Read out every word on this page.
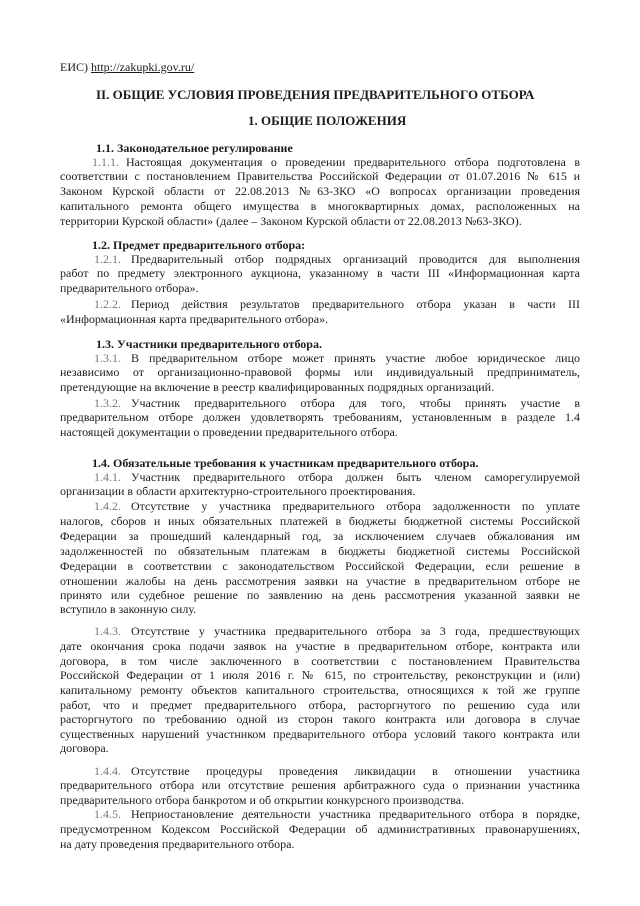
ЕИС) http://zakupki.gov.ru/
II. ОБЩИЕ УСЛОВИЯ ПРОВЕДЕНИЯ ПРЕДВАРИТЕЛЬНОГО ОТБОРА
1. ОБЩИЕ ПОЛОЖЕНИЯ
1.1. Законодательное регулирование
1.1.1. Настоящая документация о проведении предварительного отбора подготовлена в
соответствии с постановлением Правительства Российской Федерации от 01.07.2016 № 615 и
Законом Курской области от 22.08.2013 №63-ЗКО «О вопросах организации проведения
капитального ремонта общего имущества в многоквартирных домах, расположенных на
территории Курской области» (далее – Законом Курской области от 22.08.2013 №63-ЗКО).
1.2. Предмет предварительного отбора:
1.2.1. Предварительный отбор подрядных организаций проводится для выполнения
работ по предмету электронного аукциона, указанному в части III «Информационная карта
предварительного отбора».
1.2.2. Период действия результатов предварительного отбора указан в части III
«Информационная карта предварительного отбора».
1.3. Участники предварительного отбора.
1.3.1. В предварительном отборе может принять участие любое юридическое лицо
независимо от организационно-правовой формы или индивидуальный предприниматель,
претендующие на включение в реестр квалифицированных подрядных организаций.
1.3.2. Участник предварительного отбора для того, чтобы принять участие в
предварительном отборе должен удовлетворять требованиям, установленным в разделе 1.4
настоящей документации о проведении предварительного отбора.
1.4. Обязательные требования к участникам предварительного отбора.
1.4.1. Участник предварительного отбора должен быть членом саморегулируемой
организации в области архитектурно-строительного проектирования.
1.4.2. Отсутствие у участника предварительного отбора задолженности по уплате
налогов, сборов и иных обязательных платежей в бюджеты бюджетной системы Российской
Федерации за прошедший календарный год, за исключением случаев обжалования им
задолженностей по обязательным платежам в бюджеты бюджетной системы Российской
Федерации в соответствии с законодательством Российской Федерации, если решение в
отношении жалобы на день рассмотрения заявки на участие в предварительном отборе не
принято или судебное решение по заявлению на день рассмотрения указанной заявки не
вступило в законную силу.
1.4.3. Отсутствие у участника предварительного отбора за 3 года, предшествующих
дате окончания срока подачи заявок на участие в предварительном отборе, контракта или
договора, в том числе заключенного в соответствии с постановлением Правительства
Российской Федерации от 1 июля 2016 г. № 615, по строительству, реконструкции и (или)
капитальному ремонту объектов капитального строительства, относящихся к той же группе
работ, что и предмет предварительного отбора, расторгнутого по решению суда или
расторгнутого по требованию одной из сторон такого контракта или договора в случае
существенных нарушений участником предварительного отбора условий такого контракта или
договора.
1.4.4. Отсутствие процедуры проведения ликвидации в отношении участника
предварительного отбора или отсутствие решения арбитражного суда о признании участника
предварительного отбора банкротом и об открытии конкурсного производства.
1.4.5. Неприостановление деятельности участника предварительного отбора в порядке,
предусмотренном Кодексом Российской Федерации об административных правонарушениях,
на дату проведения предварительного отбора.
